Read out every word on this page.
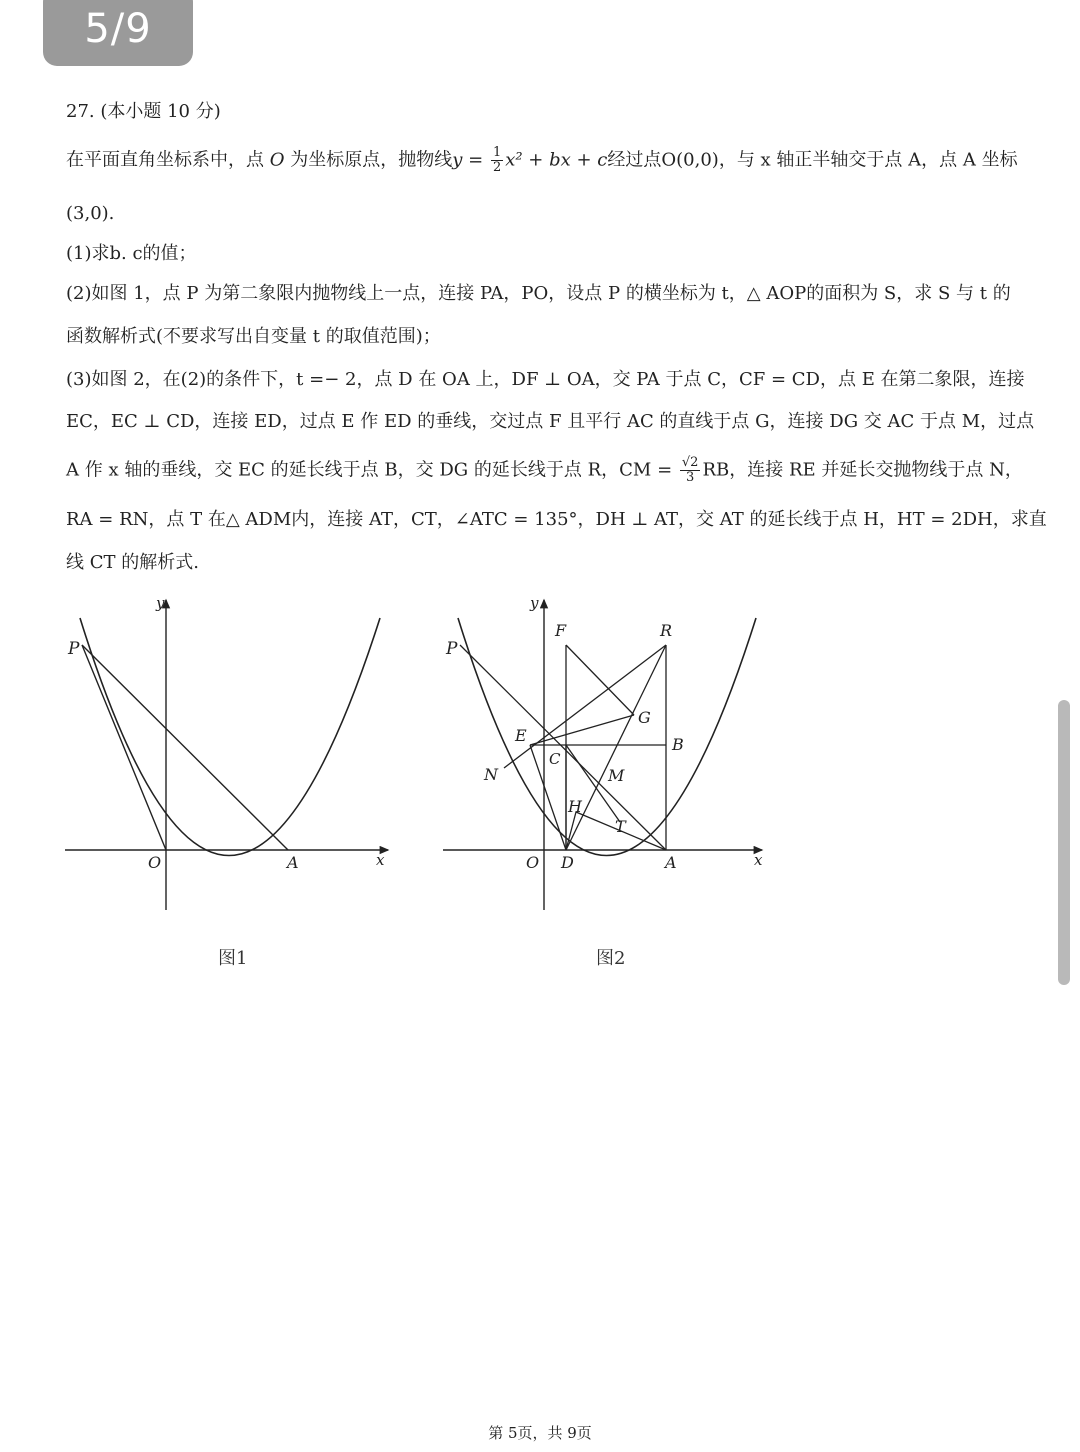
5/9
27. (本小题 10 分)
在平面直角坐标系中，点 O 为坐标原点，抛物线$y = \frac{1}{2} x^2$ + bx + c经过点O(0,0)，与 x 轴正半轴交于点 A，点 A 坐标
(3,0).
(1)求b. c的值；
(2)如图 1，点 P 为第二象限内抛物线上一点，连接 PA，PO，设点 P 的横坐标为 t，△ AOP的面积为 S，求 S 与 t 的
函数解析式(不要求写出自变量 t 的取值范围)；
(3)如图 2，在(2)的条件下，t =− 2，点 D 在 OA 上，DF ⊥ OA，交 PA 于点 C，CF = CD，点 E 在第二象限，连接
EC，EC ⊥ CD，连接 ED，过点 E 作 ED 的垂线，交过点 F 且平行 AC 的直线于点 G，连接 DG 交 AC 于点 M，过点
A 作 x 轴的垂线，交 EC 的延长线于点 B，交 DG 的延长线于点 R，CM = $\frac{√2}{3}$ RB，连接 RE 并延长交抛物线于点 N，
RA = RN，点 T 在△ ADM内，连接 AT，CT，∠ATC = 135°，DH ⊥ AT，交 AT 的延长线于点 H，HT = 2DH，求直
线 CT 的解析式.
y
x
O	A
P
图1
y
x
O D	A
P
F	R
G
E	B
N
C
M
H
T
图2
第 5页，共 9页
